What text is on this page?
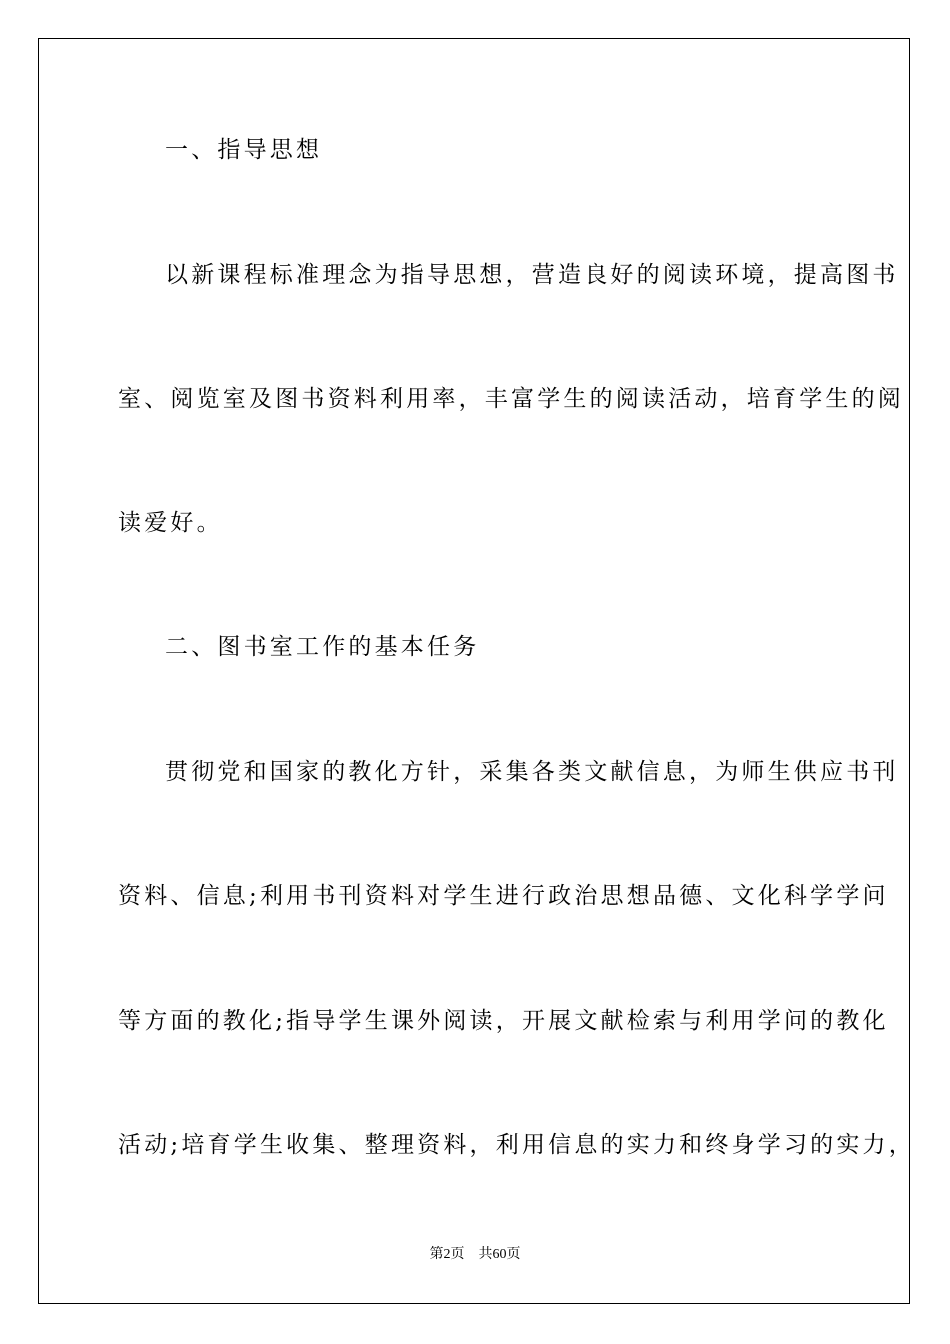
一、指导思想
以新课程标准理念为指导思想，营造良好的阅读环境，提高图书
室、阅览室及图书资料利用率，丰富学生的阅读活动，培育学生的阅
读爱好。
二、图书室工作的基本任务
贯彻党和国家的教化方针，采集各类文献信息，为师生供应书刊
资料、信息;利用书刊资料对学生进行政治思想品德、文化科学学问
等方面的教化;指导学生课外阅读，开展文献检索与利用学问的教化
活动;培育学生收集、整理资料，利用信息的实力和终身学习的实力，
第2页 共60页
